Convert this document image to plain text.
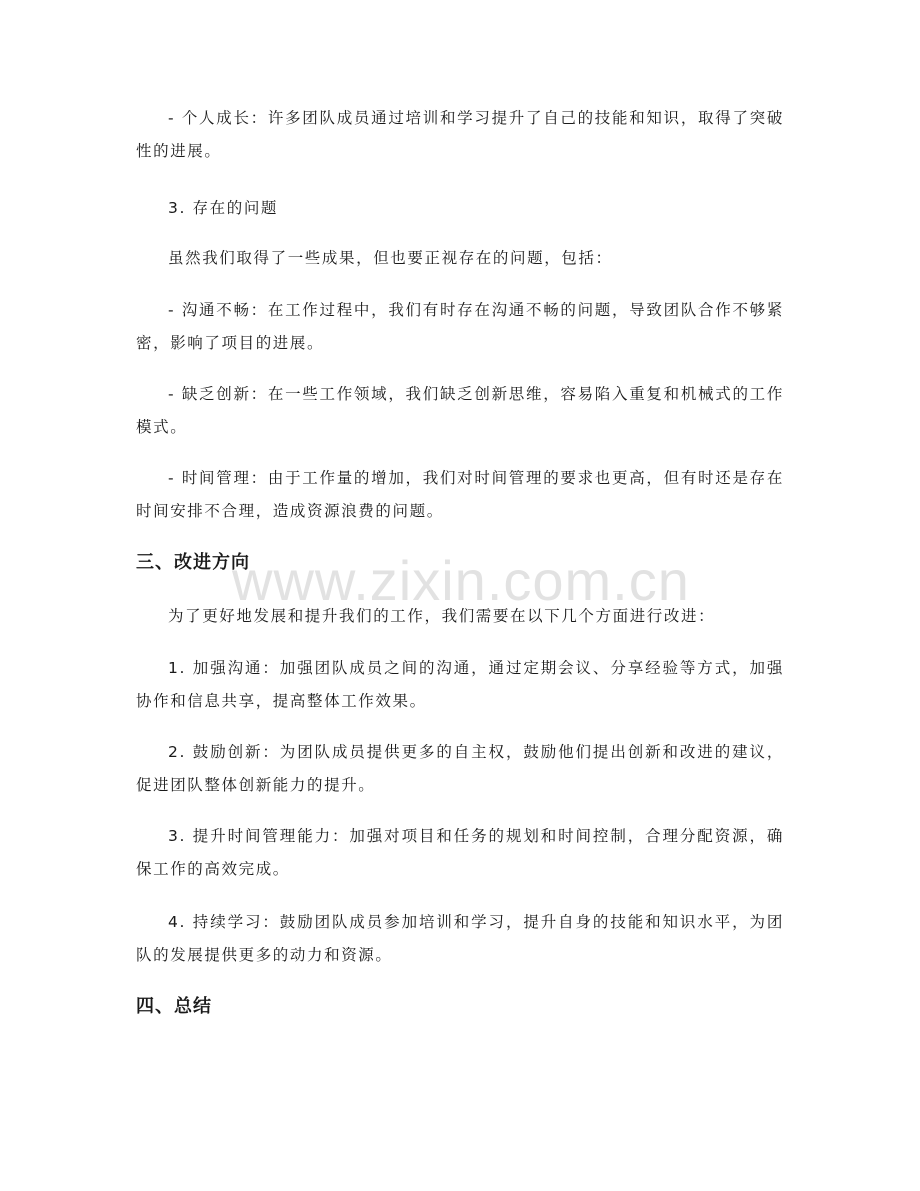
- 个人成长：许多团队成员通过培训和学习提升了自己的技能和知识，取得了突破性的进展。

3. 存在的问题

虽然我们取得了一些成果，但也要正视存在的问题，包括：

- 沟通不畅：在工作过程中，我们有时存在沟通不畅的问题，导致团队合作不够紧密，影响了项目的进展。

- 缺乏创新：在一些工作领域，我们缺乏创新思维，容易陷入重复和机械式的工作模式。

- 时间管理：由于工作量的增加，我们对时间管理的要求也更高，但有时还是存在时间安排不合理，造成资源浪费的问题。

三、改进方向
www.zixin.com.cn

为了更好地发展和提升我们的工作，我们需要在以下几个方面进行改进：

1. 加强沟通：加强团队成员之间的沟通，通过定期会议、分享经验等方式，加强协作和信息共享，提高整体工作效果。

2. 鼓励创新：为团队成员提供更多的自主权，鼓励他们提出创新和改进的建议，促进团队整体创新能力的提升。

3. 提升时间管理能力：加强对项目和任务的规划和时间控制，合理分配资源，确保工作的高效完成。

4. 持续学习：鼓励团队成员参加培训和学习，提升自身的技能和知识水平，为团队的发展提供更多的动力和资源。

四、总结
